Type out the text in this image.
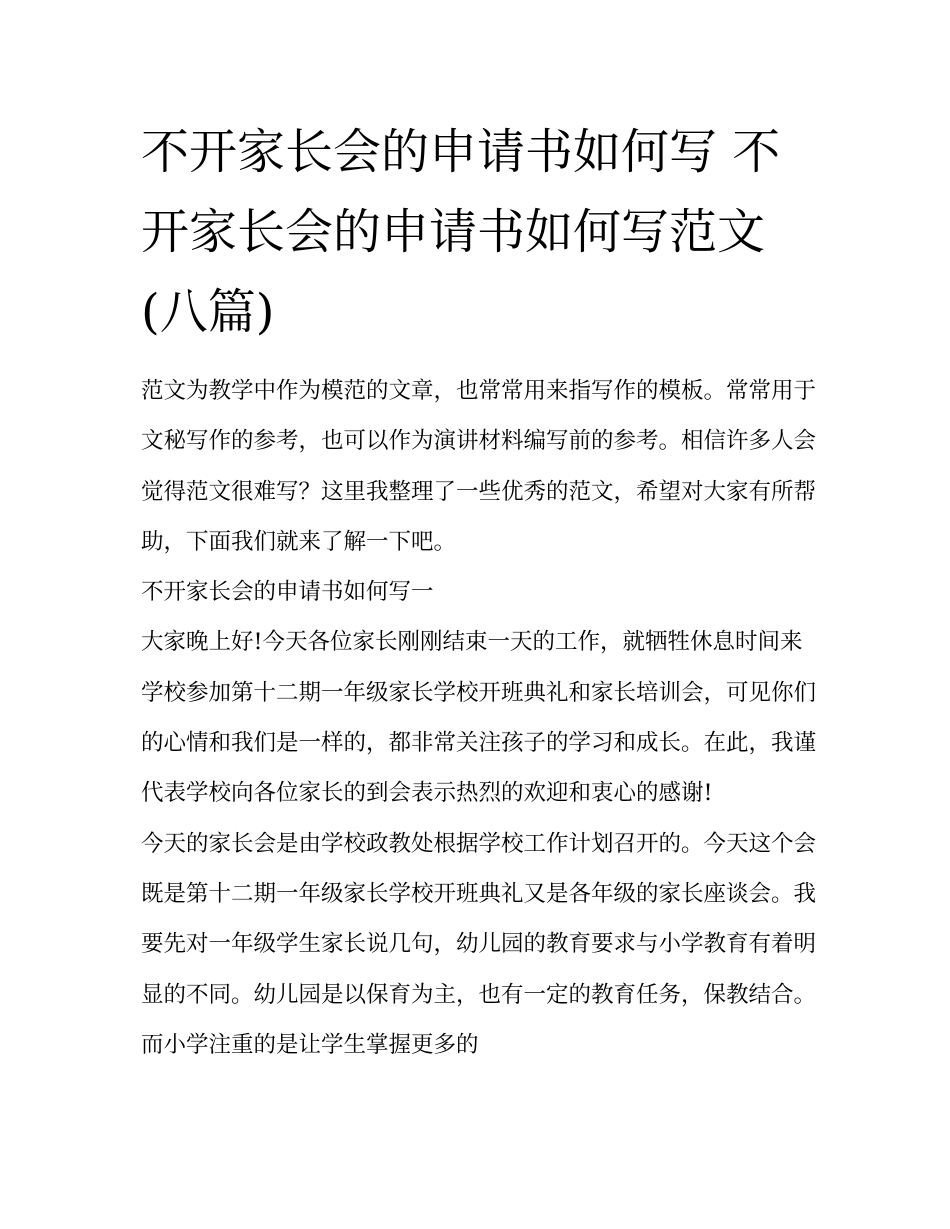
不开家长会的申请书如何写 不开家长会的申请书如何写范文(八篇)

范文为教学中作为模范的文章，也常常用来指写作的模板。常常用于文秘写作的参考，也可以作为演讲材料编写前的参考。相信许多人会觉得范文很难写？这里我整理了一些优秀的范文，希望对大家有所帮助，下面我们就来了解一下吧。

不开家长会的申请书如何写一

大家晚上好!今天各位家长刚刚结束一天的工作，就牺牲休息时间来学校参加第十二期一年级家长学校开班典礼和家长培训会，可见你们的心情和我们是一样的，都非常关注孩子的学习和成长。在此，我谨代表学校向各位家长的到会表示热烈的欢迎和衷心的感谢!

今天的家长会是由学校政教处根据学校工作计划召开的。今天这个会既是第十二期一年级家长学校开班典礼又是各年级的家长座谈会。我要先对一年级学生家长说几句，幼儿园的教育要求与小学教育有着明显的不同。幼儿园是以保育为主，也有一定的教育任务，保教结合。而小学注重的是让学生掌握更多的
